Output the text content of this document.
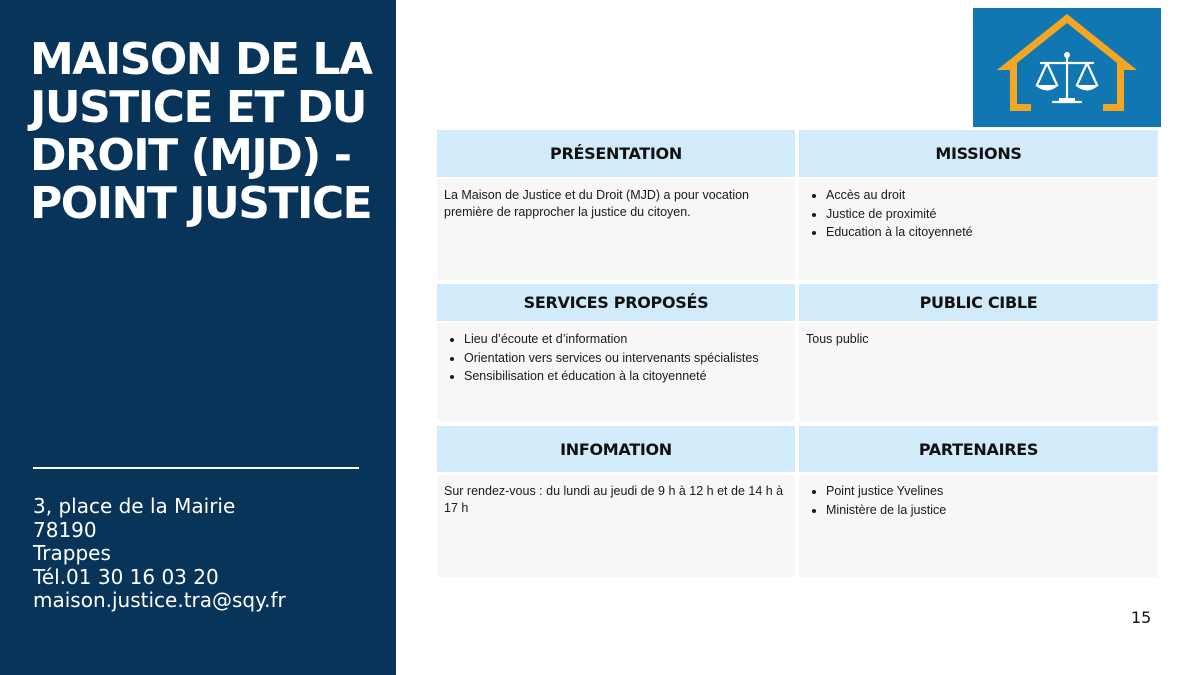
MAISON DE LA JUSTICE ET DU DROIT (MJD) - POINT JUSTICE
3, place de la Mairie
78190
Trappes
Tél.01 30 16 03 20
maison.justice.tra@sqy.fr
PRÉSENTATION	MISSIONS
La Maison de Justice et du Droit (MJD) a pour vocation première de rapprocher la justice du citoyen.
• Accès au droit
• Justice de proximité
• Education à la citoyenneté
SERVICES PROPOSÉS	PUBLIC CIBLE
• Lieu d’écoute et d’information
• Orientation vers services ou intervenants spécialistes
• Sensibilisation et éducation à la citoyenneté
Tous public
INFOMATION	PARTENAIRES
Sur rendez-vous : du lundi au jeudi de 9 h à 12 h et de 14 h à 17 h
• Point justice Yvelines
• Ministère de la justice
15
